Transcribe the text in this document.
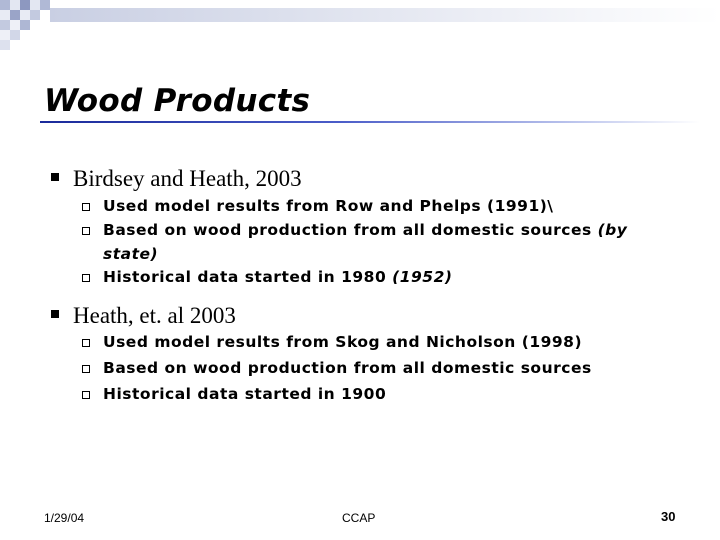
Wood Products
Birdsey and Heath, 2003
Used model results from Row and Phelps (1991)\
Based on wood production from all domestic sources (by
state)
Historical data started in 1980 (1952)
Heath, et. al 2003
Used model results from Skog and Nicholson (1998)
Based on wood production from all domestic sources
Historical data started in 1900
1/29/04	CCAP	30
